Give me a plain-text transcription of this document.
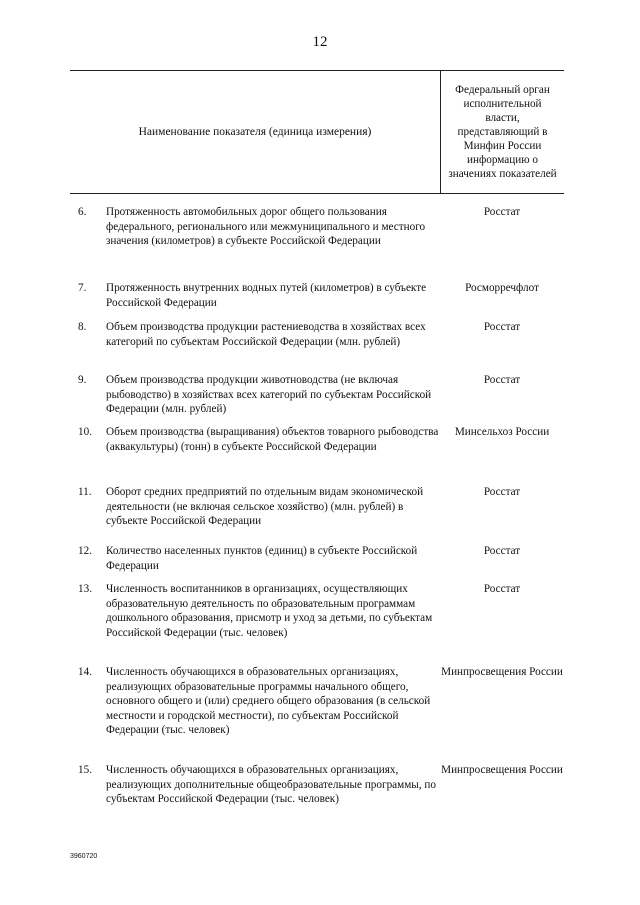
12
Наименование показателя (единица измерения)
Федеральный орган исполнительной власти, представляющий в Минфин России информацию о значениях показателей
6.	Протяженность автомобильных дорог общего пользования федерального, регионального или межмуниципального и местного значения (километров) в субъекте Российской Федерации
Росстат
7.	Протяженность внутренних водных путей (километров) в субъекте Российской Федерации
Росморречфлот
8.	Объем производства продукции растениеводства в хозяйствах всех категорий по субъектам Российской Федерации (млн. рублей)
Росстат
9.	Объем производства продукции животноводства (не включая рыбоводство) в хозяйствах всех категорий по субъектам Российской Федерации (млн. рублей)
Росстат
10.	Объем производства (выращивания) объектов товарного рыбоводства (аквакультуры) (тонн) в субъекте Российской Федерации
Минсельхоз России
11.	Оборот средних предприятий по отдельным видам экономической деятельности (не включая сельское хозяйство) (млн. рублей) в субъекте Российской Федерации
Росстат
12.	Количество населенных пунктов (единиц) в субъекте Российской Федерации
Росстат
13.	Численность воспитанников в организациях, осуществляющих образовательную деятельность по образовательным программам дошкольного образования, присмотр и уход за детьми, по субъектам Российской Федерации (тыс. человек)
Росстат
14.	Численность обучающихся в образовательных организациях, реализующих образовательные программы начального общего, основного общего и (или) среднего общего образования (в сельской местности и городской местности), по субъектам Российской Федерации (тыс. человек)
Минпросвещения России
15.	Численность обучающихся в образовательных организациях, реализующих дополнительные общеобразовательные программы, по субъектам Российской Федерации (тыс. человек)
Минпросвещения России
3960720
